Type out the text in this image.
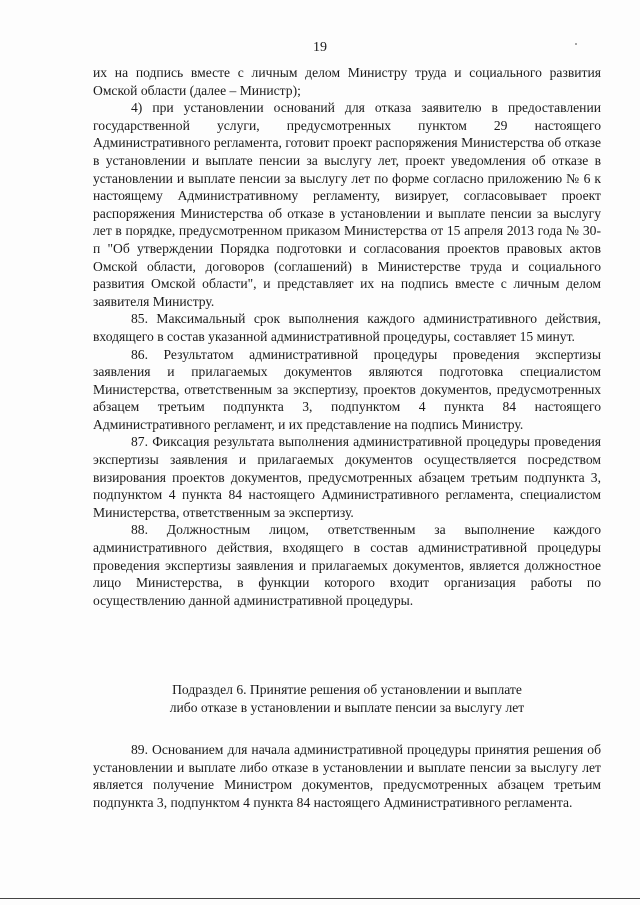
19

их на подпись вместе с личным делом Министру труда и социального развития Омской области (далее – Министр);

4) при установлении оснований для отказа заявителю в предоставлении государственной услуги, предусмотренных пунктом 29 настоящего Административного регламента, готовит проект распоряжения Министерства об отказе в установлении и выплате пенсии за выслугу лет, проект уведомления об отказе в установлении и выплате пенсии за выслугу лет по форме согласно приложению № 6 к настоящему Административному регламенту, визирует, согласовывает проект распоряжения Министерства об отказе в установлении и выплате пенсии за выслугу лет в порядке, предусмотренном приказом Министерства от 15 апреля 2013 года № 30-п "Об утверждении Порядка подготовки и согласования проектов правовых актов Омской области, договоров (соглашений) в Министерстве труда и социального развития Омской области", и представляет их на подпись вместе с личным делом заявителя Министру.

85. Максимальный срок выполнения каждого административного действия, входящего в состав указанной административной процедуры, составляет 15 минут.

86. Результатом административной процедуры проведения экспертизы заявления и прилагаемых документов являются подготовка специалистом Министерства, ответственным за экспертизу, проектов документов, предусмотренных абзацем третьим подпункта 3, подпунктом 4 пункта 84 настоящего Административного регламент, и их представление на подпись Министру.

87. Фиксация результата выполнения административной процедуры проведения экспертизы заявления и прилагаемых документов осуществляется посредством визирования проектов документов, предусмотренных абзацем третьим подпункта 3, подпунктом 4 пункта 84 настоящего Административного регламента, специалистом Министерства, ответственным за экспертизу.

88. Должностным лицом, ответственным за выполнение каждого административного действия, входящего в состав административной процедуры проведения экспертизы заявления и прилагаемых документов, является должностное лицо Министерства, в функции которого входит организация работы по осуществлению данной административной процедуры.

Подраздел 6. Принятие решения об установлении и выплате
либо отказе в установлении и выплате пенсии за выслугу лет

89. Основанием для начала административной процедуры принятия решения об установлении и выплате либо отказе в установлении и выплате пенсии за выслугу лет является получение Министром документов, предусмотренных абзацем третьим подпункта 3, подпунктом 4 пункта 84 настоящего Административного регламента.
